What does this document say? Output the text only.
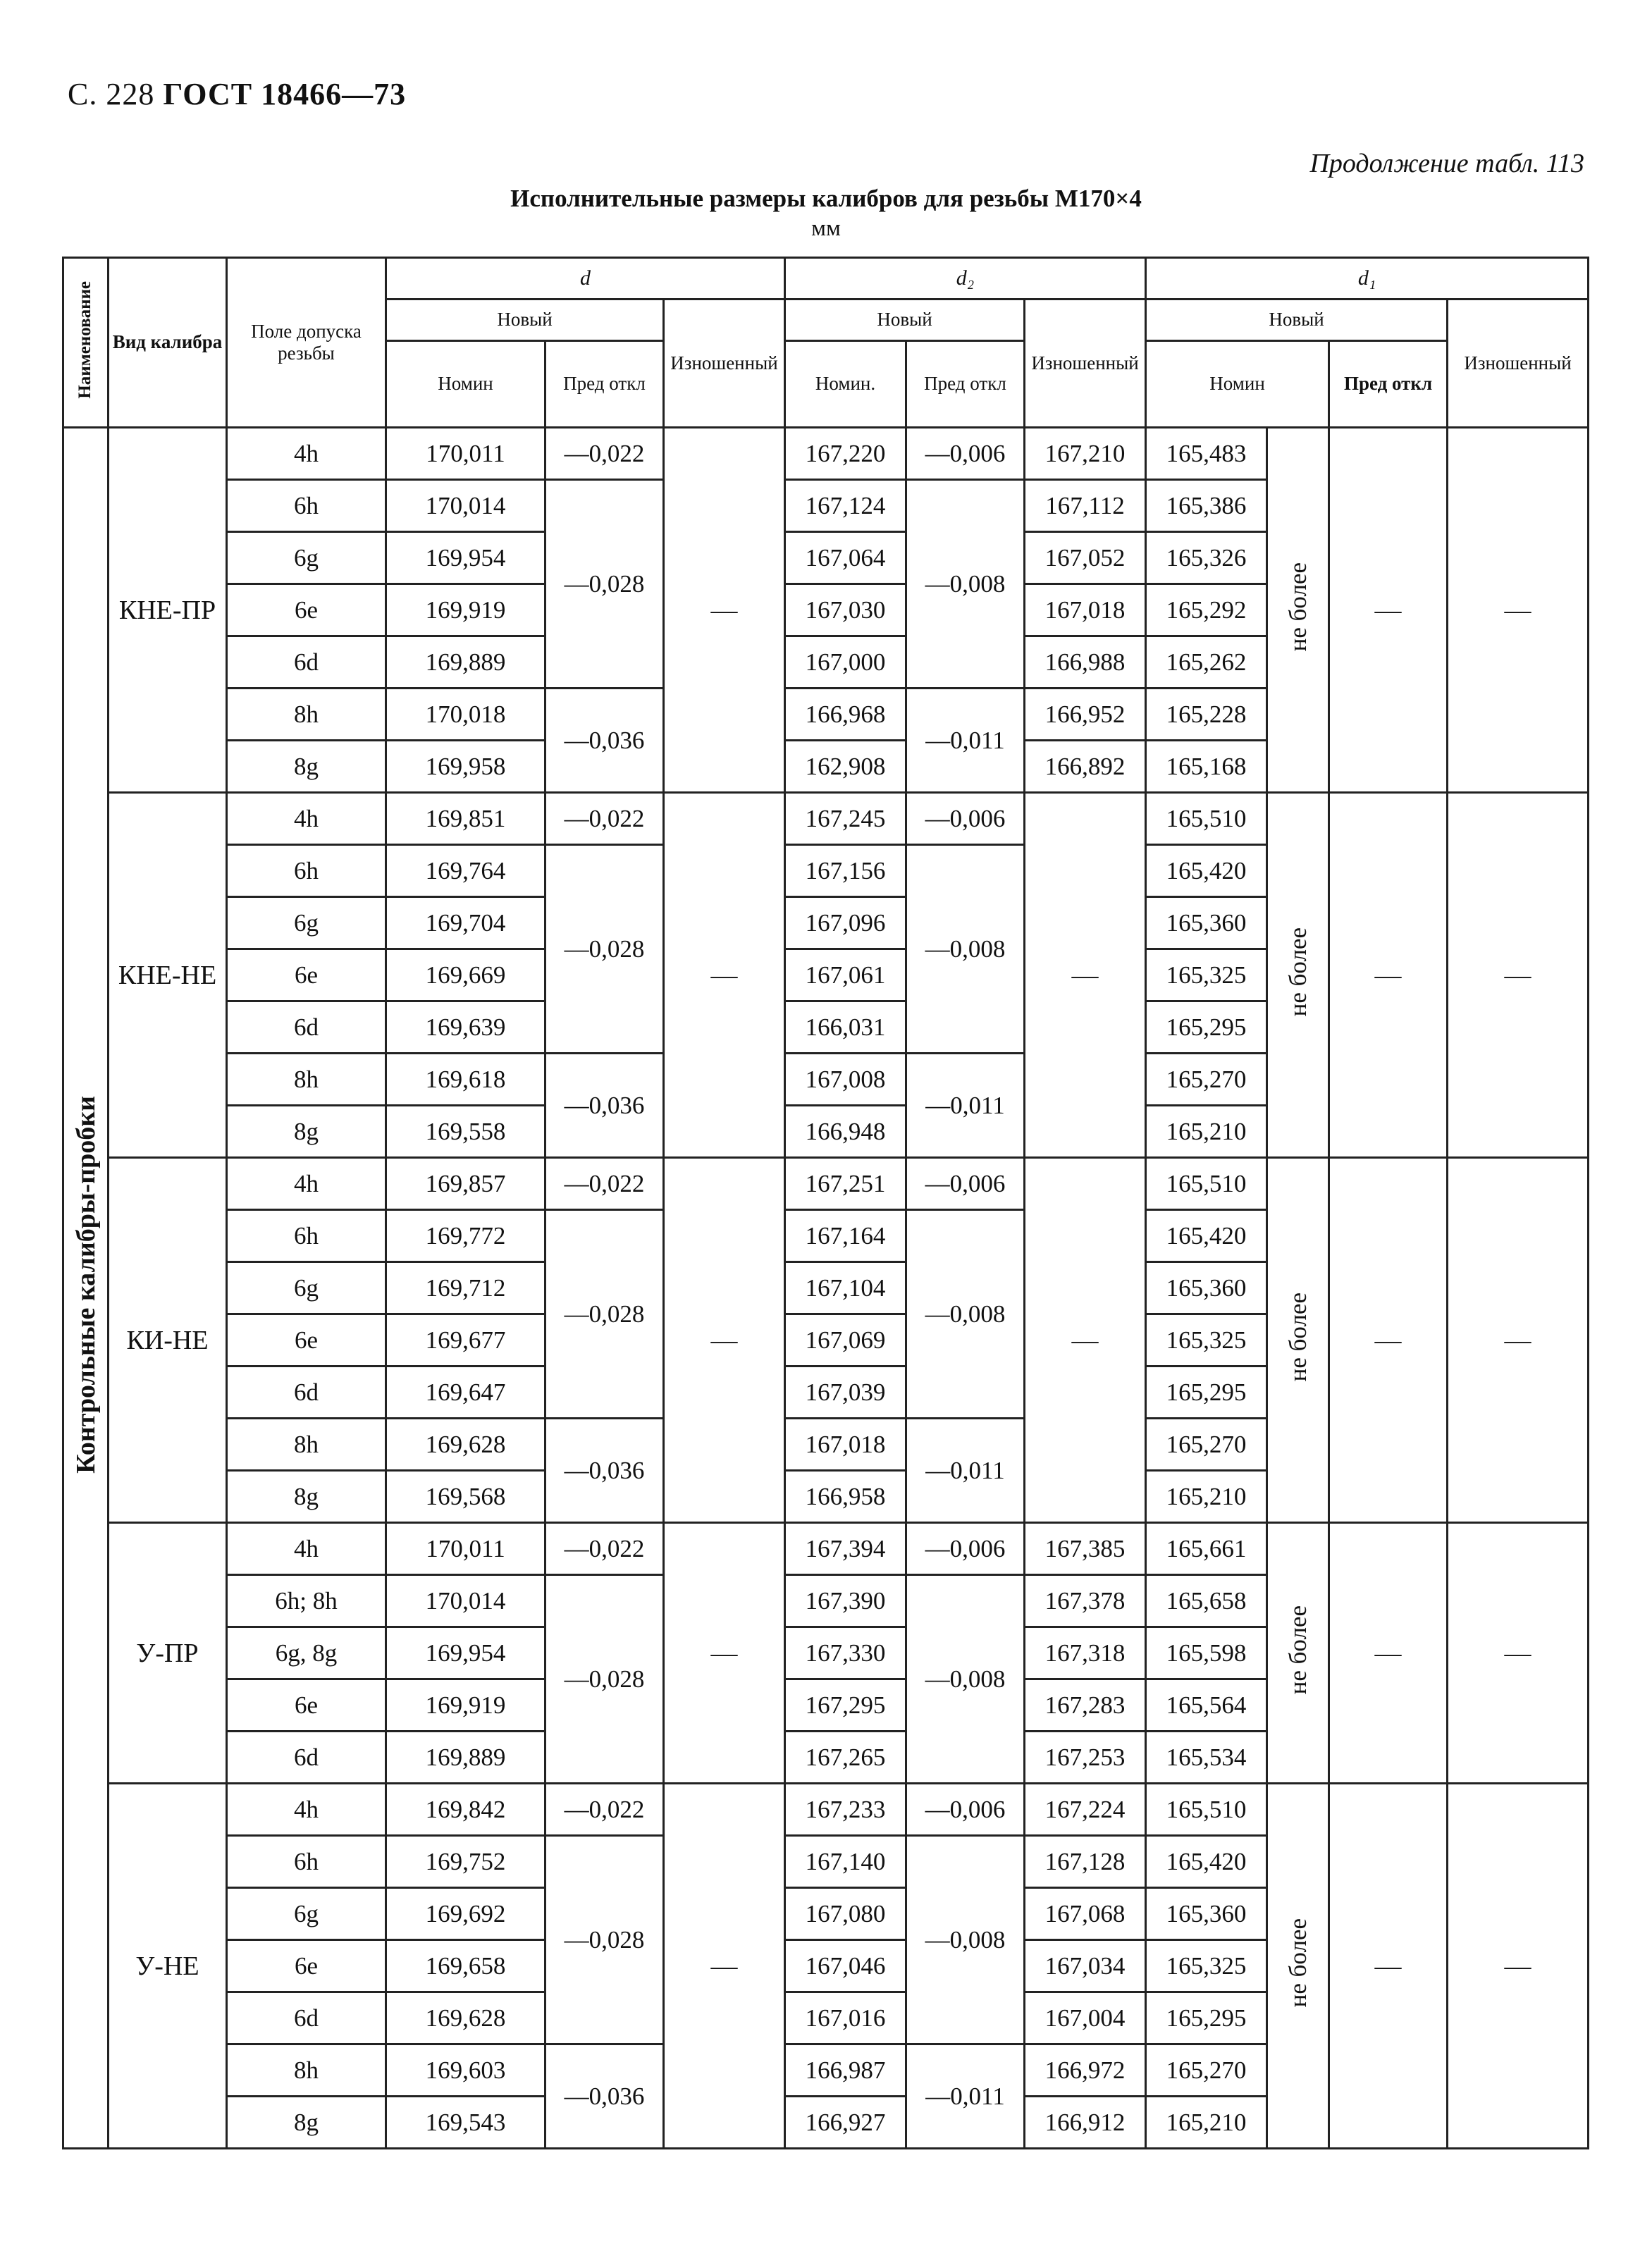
С. 228 ГОСТ 18466—73
Продолжение табл. 113
Исполнительные размеры калибров для резьбы М170×4
мм
Наименование	Вид калибра	Поле допуска резьбы	d			d₂			d₁			
			Новый		Изношенный	Новый		Изношенный	Новый			Изношенный
			Номин	Пред откл		Номин.	Пред откл		Номин		Пред откл	
Контрольные калибры-пробки	КНЕ-ПР	4h	170,011	—0,022	—	167,220	—0,006	167,210	165,483	не более	—	—
		6h	170,014	—0,028		167,124	—0,008	167,112	165,386			
		6g	169,954			167,064		167,052	165,326			
		6e	169,919			167,030		167,018	165,292			
		6d	169,889			167,000		166,988	165,262			
		8h	170,018	—0,036		166,968	—0,011	166,952	165,228			
		8g	169,958			162,908		166,892	165,168			
	КНЕ-НЕ	4h	169,851	—0,022	—	167,245	—0,006	—	165,510	не более	—	—
		6h	169,764	—0,028		167,156	—0,008		165,420			
		6g	169,704			167,096			165,360			
		6e	169,669			167,061			165,325			
		6d	169,639			166,031			165,295			
		8h	169,618	—0,036		167,008	—0,011		165,270			
		8g	169,558			166,948			165,210			
	КИ-НЕ	4h	169,857	—0,022	—	167,251	—0,006	—	165,510	не более	—	—
		6h	169,772	—0,028		167,164	—0,008		165,420			
		6g	169,712			167,104			165,360			
		6e	169,677			167,069			165,325			
		6d	169,647			167,039			165,295			
		8h	169,628	—0,036		167,018	—0,011		165,270			
		8g	169,568			166,958			165,210			
	У-ПР	4h	170,011	—0,022	—	167,394	—0,006	167,385	165,661	не более	—	—
		6h; 8h	170,014	—0,028		167,390	—0,008	167,378	165,658			
		6g, 8g	169,954			167,330		167,318	165,598			
		6e	169,919			167,295		167,283	165,564			
		6d	169,889			167,265		167,253	165,534			
	У-НЕ	4h	169,842	—0,022	—	167,233	—0,006	167,224	165,510	не более	—	—
		6h	169,752	—0,028		167,140	—0,008	167,128	165,420			
		6g	169,692			167,080		167,068	165,360			
		6e	169,658			167,046		167,034	165,325			
		6d	169,628			167,016		167,004	165,295			
		8h	169,603	—0,036		166,987	—0,011	166,972	165,270			
		8g	169,543			166,927		166,912	165,210			
